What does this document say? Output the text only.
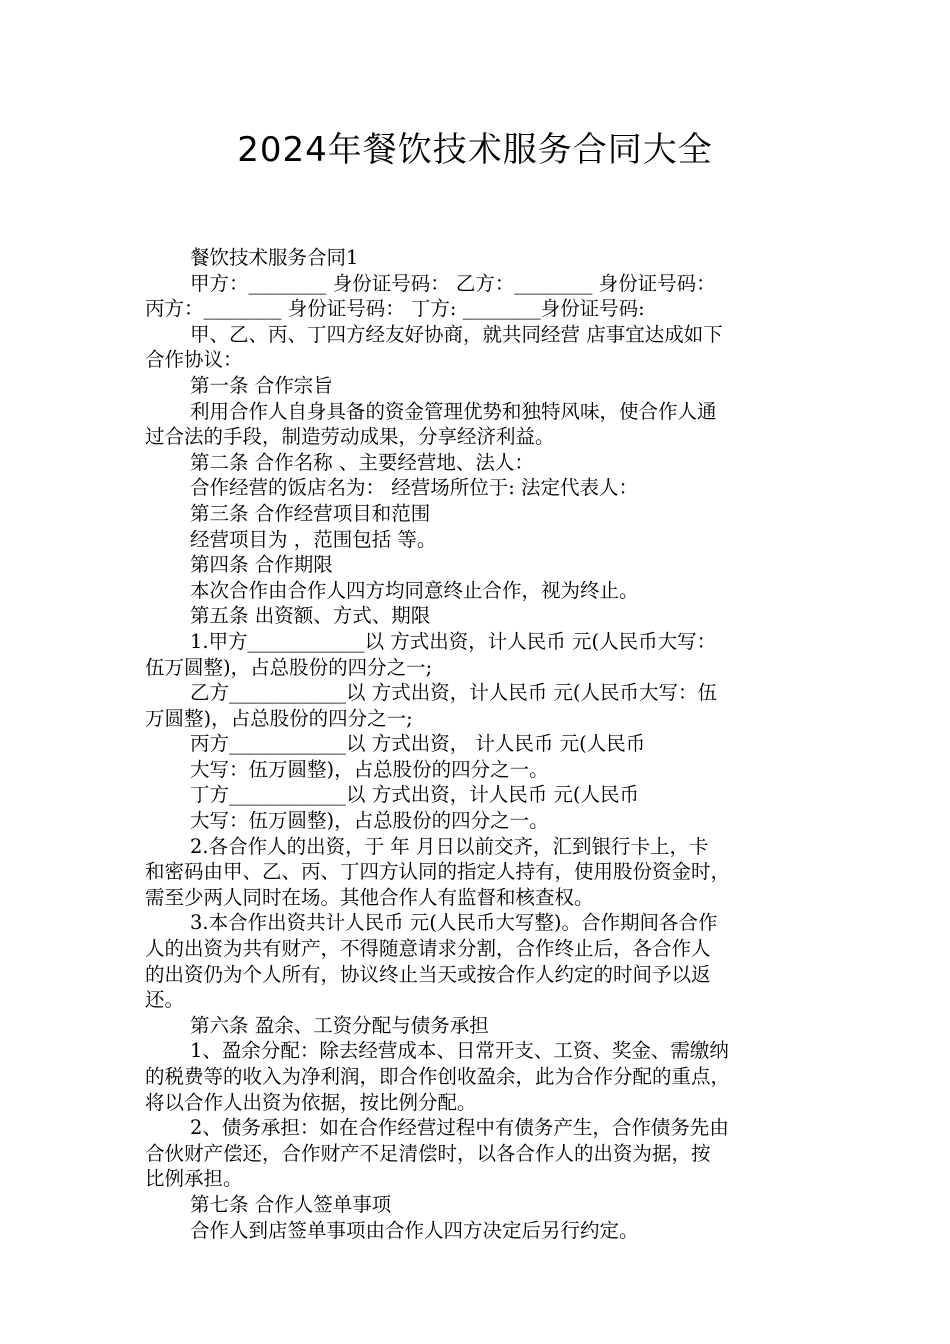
2024年餐饮技术服务合同大全

餐饮技术服务合同1

甲方：________ 身份证号码： 乙方：________ 身份证号码：

丙方：________ 身份证号码： 丁方: ________身份证号码:

甲、乙、丙、丁四方经友好协商，就共同经营 店事宜达成如下

合作协议：

第一条 合作宗旨

利用合作人自身具备的资金管理优势和独特风味，使合作人通

过合法的手段，制造劳动成果，分享经济利益。

第二条 合作名称 、主要经营地、法人：

合作经营的饭店名为： 经营场所位于: 法定代表人：

第三条 合作经营项目和范围

经营项目为 ，范围包括 等。

第四条 合作期限

本次合作由合作人四方均同意终止合作，视为终止。

第五条 出资额、方式、期限

1.甲方____________以 方式出资，计人民币 元(人民币大写：

伍万圆整)，占总股份的四分之一;

乙方____________以 方式出资，计人民币 元(人民币大写：伍

万圆整)，占总股份的四分之一;

丙方____________以 方式出资， 计人民币 元(人民币

大写：伍万圆整)，占总股份的四分之一。

丁方____________以 方式出资，计人民币 元(人民币

大写：伍万圆整)，占总股份的四分之一。

2.各合作人的出资，于 年 月日以前交齐，汇到银行卡上，卡

和密码由甲、乙、丙、丁四方认同的指定人持有，使用股份资金时，

需至少两人同时在场。其他合作人有监督和核查权。

3.本合作出资共计人民币 元(人民币大写整)。合作期间各合作

人的出资为共有财产，不得随意请求分割，合作终止后，各合作人

的出资仍为个人所有，协议终止当天或按合作人约定的时间予以返

还。

第六条 盈余、工资分配与债务承担

1、盈余分配：除去经营成本、日常开支、工资、奖金、需缴纳

的税费等的收入为净利润，即合作创收盈余，此为合作分配的重点，

将以合作人出资为依据，按比例分配。

2、债务承担：如在合作经营过程中有债务产生，合作债务先由

合伙财产偿还，合作财产不足清偿时，以各合作人的出资为据，按

比例承担。

第七条 合作人签单事项

合作人到店签单事项由合作人四方决定后另行约定。
